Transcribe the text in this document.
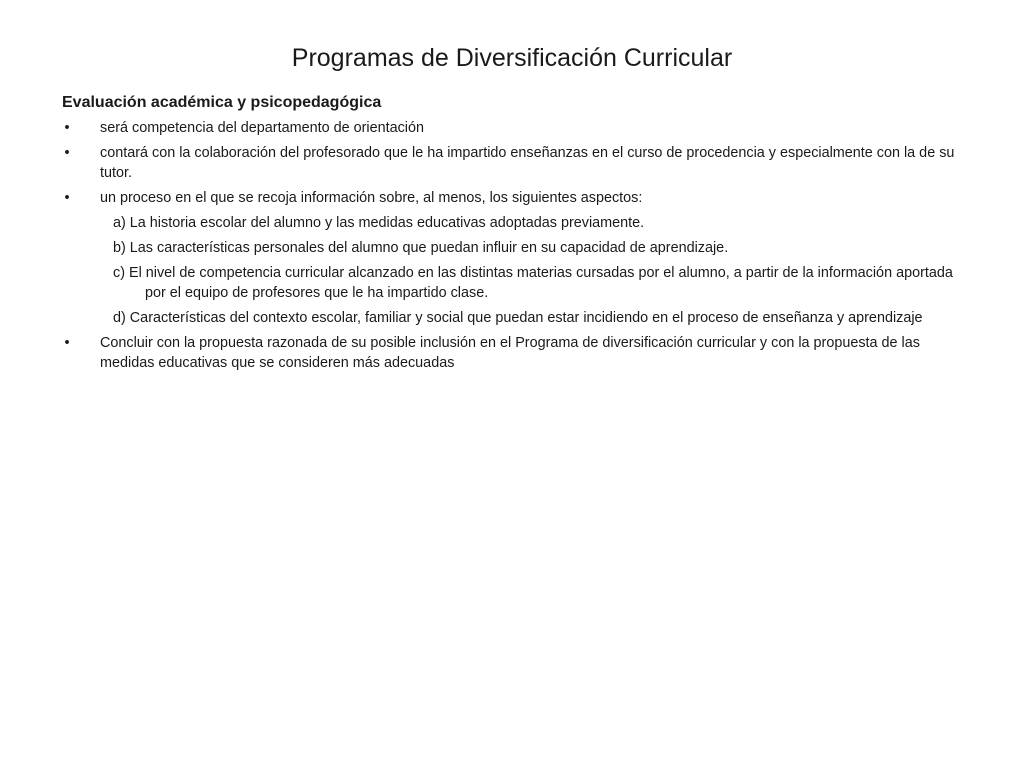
Programas de Diversificación Curricular
Evaluación académica y psicopedagógica
• será competencia del departamento de orientación
• contará con la colaboración del profesorado que le ha impartido enseñanzas en el curso de procedencia y especialmente con la de su tutor.
• un proceso en el que se recoja información sobre, al menos, los siguientes aspectos:
a) La historia escolar del alumno y las medidas educativas adoptadas previamente.
b) Las características personales del alumno que puedan influir en su capacidad de aprendizaje.
c) El nivel de competencia curricular alcanzado en las distintas materias cursadas por el alumno, a partir de la información aportada por el equipo de profesores que le ha impartido clase.
d) Características del contexto escolar, familiar y social que puedan estar incidiendo en el proceso de enseñanza y aprendizaje
• Concluir con la propuesta razonada de su posible inclusión en el Programa de diversificación curricular y con la propuesta de las medidas educativas que se consideren más adecuadas
